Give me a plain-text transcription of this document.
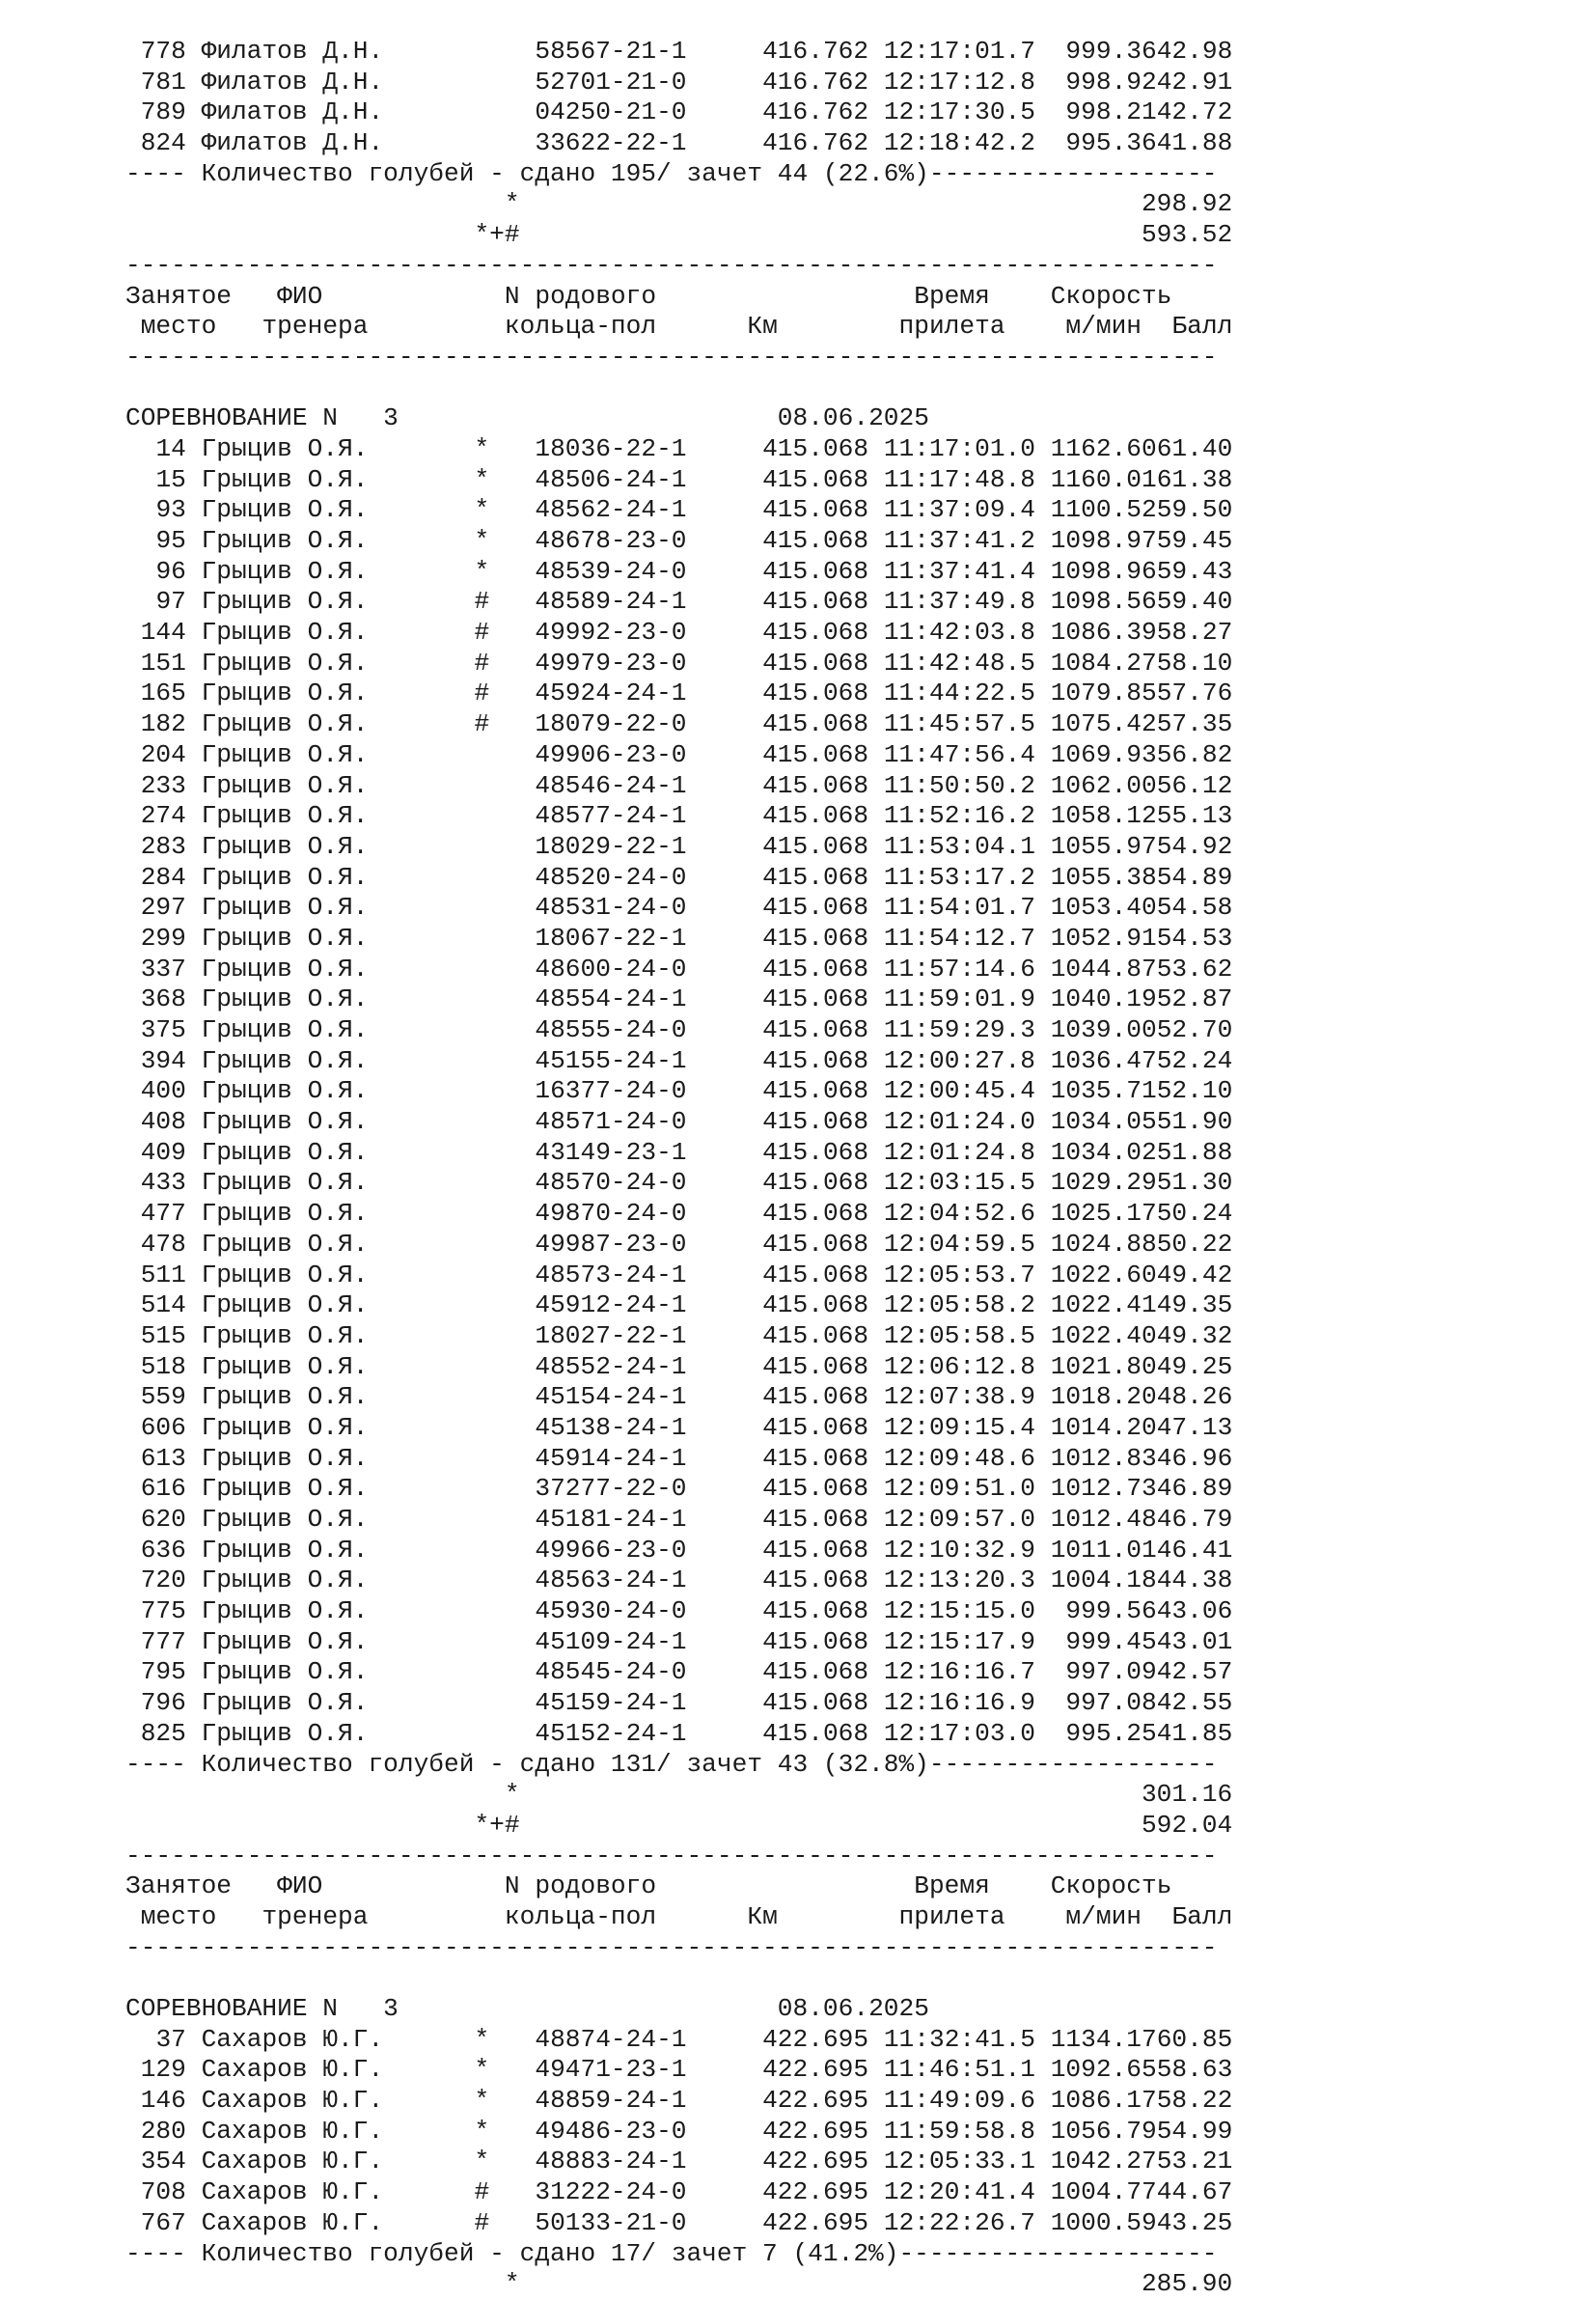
778 Филатов Д.Н.	58567-21-1	416.762 12:17:01.7 999.3642.98
781 Филатов Д.Н.	52701-21-0	416.762 12:17:12.8 998.9242.91
789 Филатов Д.Н.	04250-21-0	416.762 12:17:30.5 998.2142.72
824 Филатов Д.Н.	33622-22-1	416.762 12:18:42.2 995.3641.88
---- Количество голубей - сдано 195/ зачет 44 (22.6%)-------------------
*	298.92
*+#	593.52
------------------------------------------------------------------------
Занятое ФИО	N родового	Время Скорость
место тренера	кольца-пол	Км	прилета м/мин Балл
------------------------------------------------------------------------
СОРЕВНОВАНИЕ N 3	08.06.2025
14 Грыцив О.Я.	* 18036-22-1	415.068 11:17:01.0 1162.6061.40
15 Грыцив О.Я.	* 48506-24-1	415.068 11:17:48.8 1160.0161.38
93 Грыцив О.Я.	* 48562-24-1	415.068 11:37:09.4 1100.5259.50
95 Грыцив О.Я.	* 48678-23-0	415.068 11:37:41.2 1098.9759.45
96 Грыцив О.Я.	* 48539-24-0	415.068 11:37:41.4 1098.9659.43
97 Грыцив О.Я.	# 48589-24-1	415.068 11:37:49.8 1098.5659.40
144 Грыцив О.Я.	# 49992-23-0	415.068 11:42:03.8 1086.3958.27
151 Грыцив О.Я.	# 49979-23-0	415.068 11:42:48.5 1084.2758.10
165 Грыцив О.Я.	# 45924-24-1	415.068 11:44:22.5 1079.8557.76
182 Грыцив О.Я.	# 18079-22-0	415.068 11:45:57.5 1075.4257.35
204 Грыцив О.Я.	49906-23-0	415.068 11:47:56.4 1069.9356.82
233 Грыцив О.Я.	48546-24-1	415.068 11:50:50.2 1062.0056.12
274 Грыцив О.Я.	48577-24-1	415.068 11:52:16.2 1058.1255.13
283 Грыцив О.Я.	18029-22-1	415.068 11:53:04.1 1055.9754.92
284 Грыцив О.Я.	48520-24-0	415.068 11:53:17.2 1055.3854.89
297 Грыцив О.Я.	48531-24-0	415.068 11:54:01.7 1053.4054.58
299 Грыцив О.Я.	18067-22-1	415.068 11:54:12.7 1052.9154.53
337 Грыцив О.Я.	48600-24-0	415.068 11:57:14.6 1044.8753.62
368 Грыцив О.Я.	48554-24-1	415.068 11:59:01.9 1040.1952.87
375 Грыцив О.Я.	48555-24-0	415.068 11:59:29.3 1039.0052.70
394 Грыцив О.Я.	45155-24-1	415.068 12:00:27.8 1036.4752.24
400 Грыцив О.Я.	16377-24-0	415.068 12:00:45.4 1035.7152.10
408 Грыцив О.Я.	48571-24-0	415.068 12:01:24.0 1034.0551.90
409 Грыцив О.Я.	43149-23-1	415.068 12:01:24.8 1034.0251.88
433 Грыцив О.Я.	48570-24-0	415.068 12:03:15.5 1029.2951.30
477 Грыцив О.Я.	49870-24-0	415.068 12:04:52.6 1025.1750.24
478 Грыцив О.Я.	49987-23-0	415.068 12:04:59.5 1024.8850.22
511 Грыцив О.Я.	48573-24-1	415.068 12:05:53.7 1022.6049.42
514 Грыцив О.Я.	45912-24-1	415.068 12:05:58.2 1022.4149.35
515 Грыцив О.Я.	18027-22-1	415.068 12:05:58.5 1022.4049.32
518 Грыцив О.Я.	48552-24-1	415.068 12:06:12.8 1021.8049.25
559 Грыцив О.Я.	45154-24-1	415.068 12:07:38.9 1018.2048.26
606 Грыцив О.Я.	45138-24-1	415.068 12:09:15.4 1014.2047.13
613 Грыцив О.Я.	45914-24-1	415.068 12:09:48.6 1012.8346.96
616 Грыцив О.Я.	37277-22-0	415.068 12:09:51.0 1012.7346.89
620 Грыцив О.Я.	45181-24-1	415.068 12:09:57.0 1012.4846.79
636 Грыцив О.Я.	49966-23-0	415.068 12:10:32.9 1011.0146.41
720 Грыцив О.Я.	48563-24-1	415.068 12:13:20.3 1004.1844.38
775 Грыцив О.Я.	45930-24-0	415.068 12:15:15.0 999.5643.06
777 Грыцив О.Я.	45109-24-1	415.068 12:15:17.9 999.4543.01
795 Грыцив О.Я.	48545-24-0	415.068 12:16:16.7 997.0942.57
796 Грыцив О.Я.	45159-24-1	415.068 12:16:16.9 997.0842.55
825 Грыцив О.Я.	45152-24-1	415.068 12:17:03.0 995.2541.85
---- Количество голубей - сдано 131/ зачет 43 (32.8%)-------------------
*	301.16
*+#	592.04
------------------------------------------------------------------------
Занятое ФИО	N родового	Время Скорость
место тренера	кольца-пол	Км	прилета м/мин Балл
------------------------------------------------------------------------
СОРЕВНОВАНИЕ N 3	08.06.2025
37 Сахаров Ю.Г.	* 48874-24-1	422.695 11:32:41.5 1134.1760.85
129 Сахаров Ю.Г.	* 49471-23-1	422.695 11:46:51.1 1092.6558.63
146 Сахаров Ю.Г.	* 48859-24-1	422.695 11:49:09.6 1086.1758.22
280 Сахаров Ю.Г.	* 49486-23-0	422.695 11:59:58.8 1056.7954.99
354 Сахаров Ю.Г.	* 48883-24-1	422.695 12:05:33.1 1042.2753.21
708 Сахаров Ю.Г.	# 31222-24-0	422.695 12:20:41.4 1004.7744.67
767 Сахаров Ю.Г.	# 50133-21-0	422.695 12:22:26.7 1000.5943.25
---- Количество голубей - сдано 17/ зачет 7 (41.2%)---------------------
*	285.90
